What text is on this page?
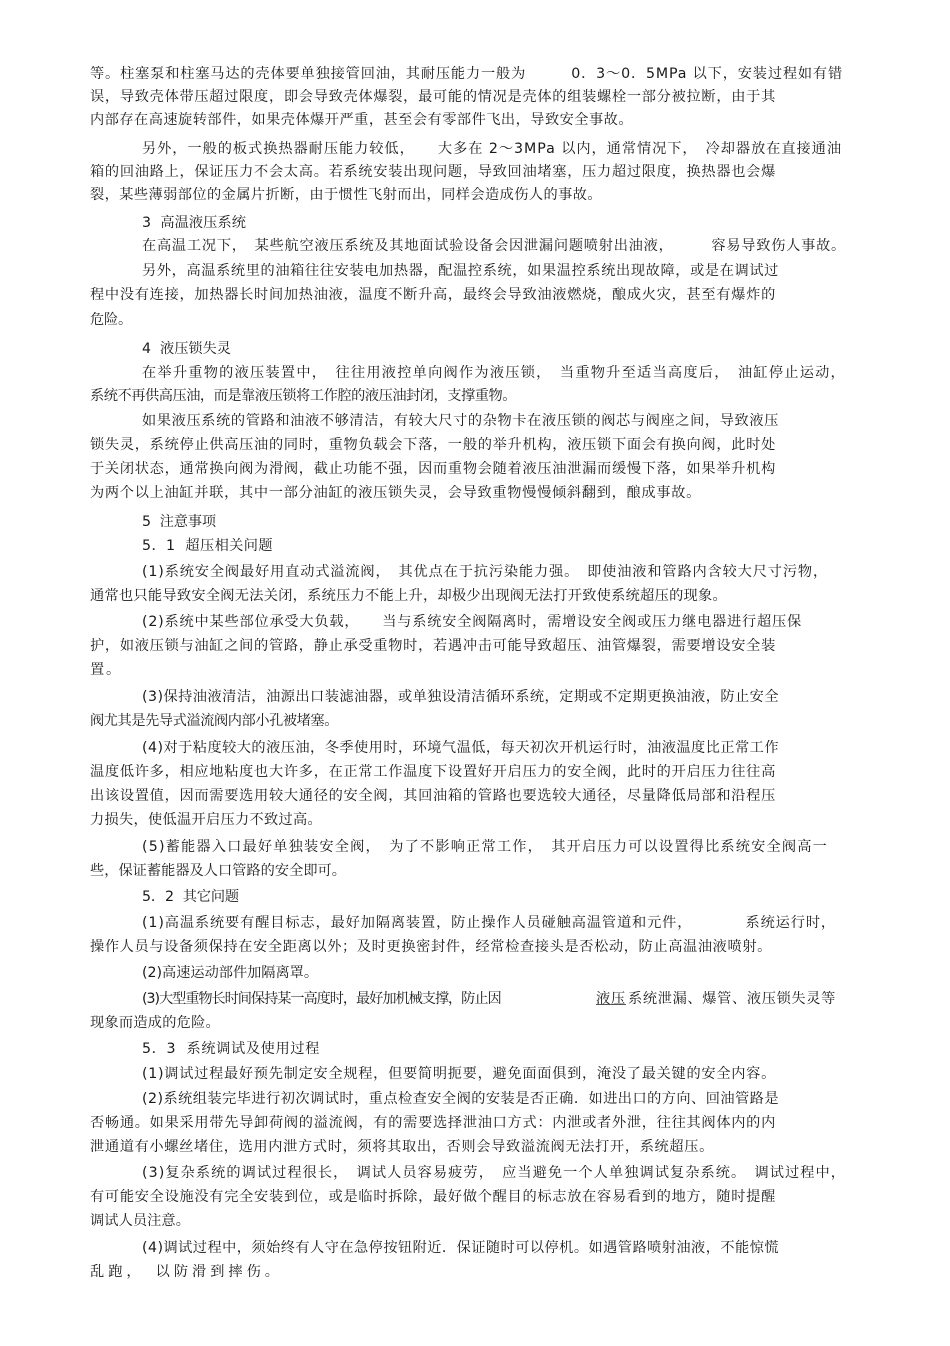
等。柱塞泵和柱塞马达的壳体要单独接管回油，其耐压能力一般为　　　0．3～0．5MPa 以下，安装过程如有错

误，导致壳体带压超过限度，即会导致壳体爆裂，最可能的情况是壳体的组装螺栓一部分被拉断，由于其

内部存在高速旋转部件，如果壳体爆开严重，甚至会有零部件飞出，导致安全事故。

另外，一般的板式换热器耐压能力较低，　　大多在 2～3MPa 以内，通常情况下，　冷却器放在直接通油

箱的回油路上，保证压力不会太高。若系统安装出现问题，导致回油堵塞，压力超过限度，换热器也会爆

裂，某些薄弱部位的金属片折断，由于惯性飞射而出，同样会造成伤人的事故。

3  高温液压系统

在高温工况下，　某些航空液压系统及其地面试验设备会因泄漏问题喷射出油液，　　　容易导致伤人事故。

另外，高温系统里的油箱往往安装电加热器，配温控系统，如果温控系统出现故障，或是在调试过

程中没有连接，加热器长时间加热油液，温度不断升高，最终会导致油液燃烧，酿成火灾，甚至有爆炸的

危险。

4  液压锁失灵

在举升重物的液压装置中，　往往用液控单向阀作为液压锁，　当重物升至适当高度后，　油缸停止运动，

系统不再供高压油，而是靠液压锁将工作腔的液压油封闭，支撑重物。

如果液压系统的管路和油液不够清洁，有较大尺寸的杂物卡在液压锁的阀芯与阀座之间，导致液压

锁失灵，系统停止供高压油的同时，重物负载会下落，一般的举升机构，液压锁下面会有换向阀，此时处

于关闭状态，通常换向阀为滑阀，截止功能不强，因而重物会随着液压油泄漏而缓慢下落，如果举升机构

为两个以上油缸并联，其中一部分油缸的液压锁失灵，会导致重物慢慢倾斜翻到，酿成事故。

5  注意事项

5．1  超压相关问题

(1)系统安全阀最好用直动式溢流阀，　其优点在于抗污染能力强。　即使油液和管路内含较大尺寸污物，

通常也只能导致安全阀无法关闭，系统压力不能上升，却极少出现阀无法打开致使系统超压的现象。

(2)系统中某些部位承受大负载，　　当与系统安全阀隔离时，需增设安全阀或压力继电器进行超压保

护，如液压锁与油缸之间的管路，静止承受重物时，若遇冲击可能导致超压、油管爆裂，需要增设安全装

置。

(3)保持油液清洁，油源出口装滤油器，或单独设清洁循环系统，定期或不定期更换油液，防止安全

阀尤其是先导式溢流阀内部小孔被堵塞。

(4)对于粘度较大的液压油，冬季使用时，环境气温低，每天初次开机运行时，油液温度比正常工作

温度低许多，相应地粘度也大许多，在正常工作温度下设置好开启压力的安全阀，此时的开启压力往往高

出该设置值，因而需要选用较大通径的安全阀，其回油箱的管路也要选较大通径，尽量降低局部和沿程压

力损失，使低温开启压力不致过高。

(5)蓄能器入口最好单独装安全阀，　为了不影响正常工作，　其开启压力可以设置得比系统安全阀高一

些，保证蓄能器及人口管路的安全即可。

5．2  其它问题

(1)高温系统要有醒目标志，最好加隔离装置，防止操作人员碰触高温管道和元件，　　　　系统运行时，

操作人员与设备须保持在安全距离以外；及时更换密封件，经常检查接头是否松动，防止高温油液喷射。

(2)高速运动部件加隔离罩。

(3)大型重物长时间保持某一高度时，最好加机械支撑，防止因　　　	液压 系统泄漏、爆管、液压锁失灵等

现象而造成的危险。

5．3  系统调试及使用过程

(1)调试过程最好预先制定安全规程，但要简明扼要，避免面面俱到，淹没了最关键的安全内容。

(2)系统组装完毕进行初次调试时，重点检查安全阀的安装是否正确．如进出口的方向、回油管路是

否畅通。如果采用带先导卸荷阀的溢流阀，有的需要选择泄油口方式：内泄或者外泄，往往其阀体内的内

泄通道有小螺丝堵住，选用内泄方式时，须将其取出，否则会导致溢流阀无法打开，系统超压。

(3)复杂系统的调试过程很长，　调试人员容易疲劳，　应当避免一个人单独调试复杂系统。　调试过程中，

有可能安全设施没有完全安装到位，或是临时拆除，最好做个醒目的标志放在容易看到的地方，随时提醒

调试人员注意。

(4)调试过程中，须始终有人守在急停按钮附近．保证随时可以停机。如遇管路喷射油液，不能惊慌

乱跑，　以防滑到摔伤。
